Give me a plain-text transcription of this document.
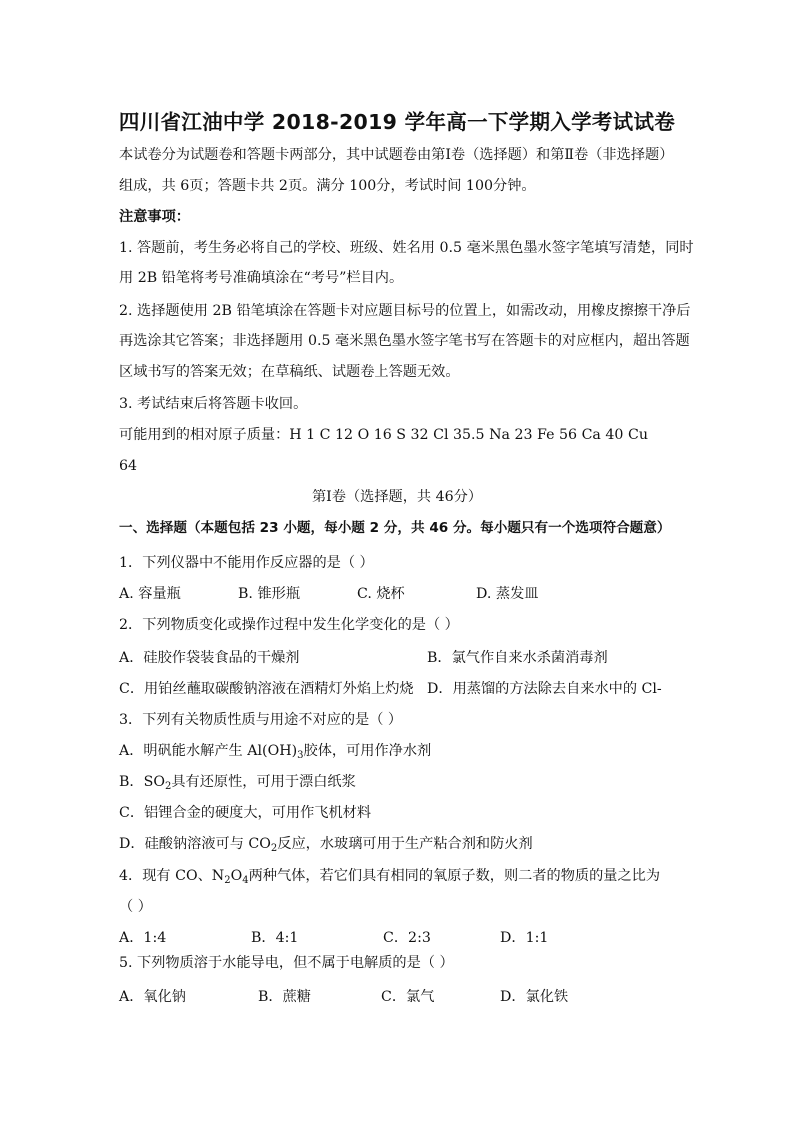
四川省江油中学 2018-2019 学年高一下学期入学考试试卷
本试卷分为试题卷和答题卡两部分，其中试题卷由第Ⅰ卷（选择题）和第Ⅱ卷（非选择题）
组成，共 6页；答题卡共 2页。满分 100分，考试时间 100分钟。
注意事项：
1. 答题前，考生务必将自己的学校、班级、姓名用 0.5 毫米黑色墨水签字笔填写清楚，同时
用 2B 铅笔将考号准确填涂在“考号”栏目内。
2. 选择题使用 2B 铅笔填涂在答题卡对应题目标号的位置上，如需改动，用橡皮擦擦干净后
再选涂其它答案；非选择题用 0.5 毫米黑色墨水签字笔书写在答题卡的对应框内，超出答题
区域书写的答案无效；在草稿纸、试题卷上答题无效。
3. 考试结束后将答题卡收回。
可能用到的相对原子质量：H 1 C 12 O 16 S 32 Cl 35.5 Na 23 Fe 56 Ca 40 Cu
64
第Ⅰ卷（选择题，共 46分）
一、选择题（本题包括 23 小题，每小题 2 分，共 46 分。每小题只有一个选项符合题意）
1．下列仪器中不能用作反应器的是（ ）
A. 容量瓶	B. 锥形瓶	C. 烧杯	D. 蒸发皿
2．下列物质变化或操作过程中发生化学变化的是（ ）
A．硅胶作袋装食品的干燥剂	B．氯气作自来水杀菌消毒剂
C．用铂丝蘸取碳酸钠溶液在酒精灯外焰上灼烧 D．用蒸馏的方法除去自来水中的 Cl-
3．下列有关物质性质与用途不对应的是（ ）
A．明矾能水解产生 $Al(OH)_3$胶体，可用作净水剂
B．$SO_2$具有还原性，可用于漂白纸浆
C．铝锂合金的硬度大，可用作飞机材料
D．硅酸钠溶液可与 $CO_2$反应，水玻璃可用于生产粘合剂和防火剂
4．现有 CO、$N_2O_4$两种气体，若它们具有相同的氧原子数，则二者的物质的量之比为
（ ）
A．1:4	B．4:1	C．2:3	D．1:1
5. 下列物质溶于水能导电，但不属于电解质的是（ ）
A．氧化钠	B．蔗糖	C．氯气	D．氯化铁
